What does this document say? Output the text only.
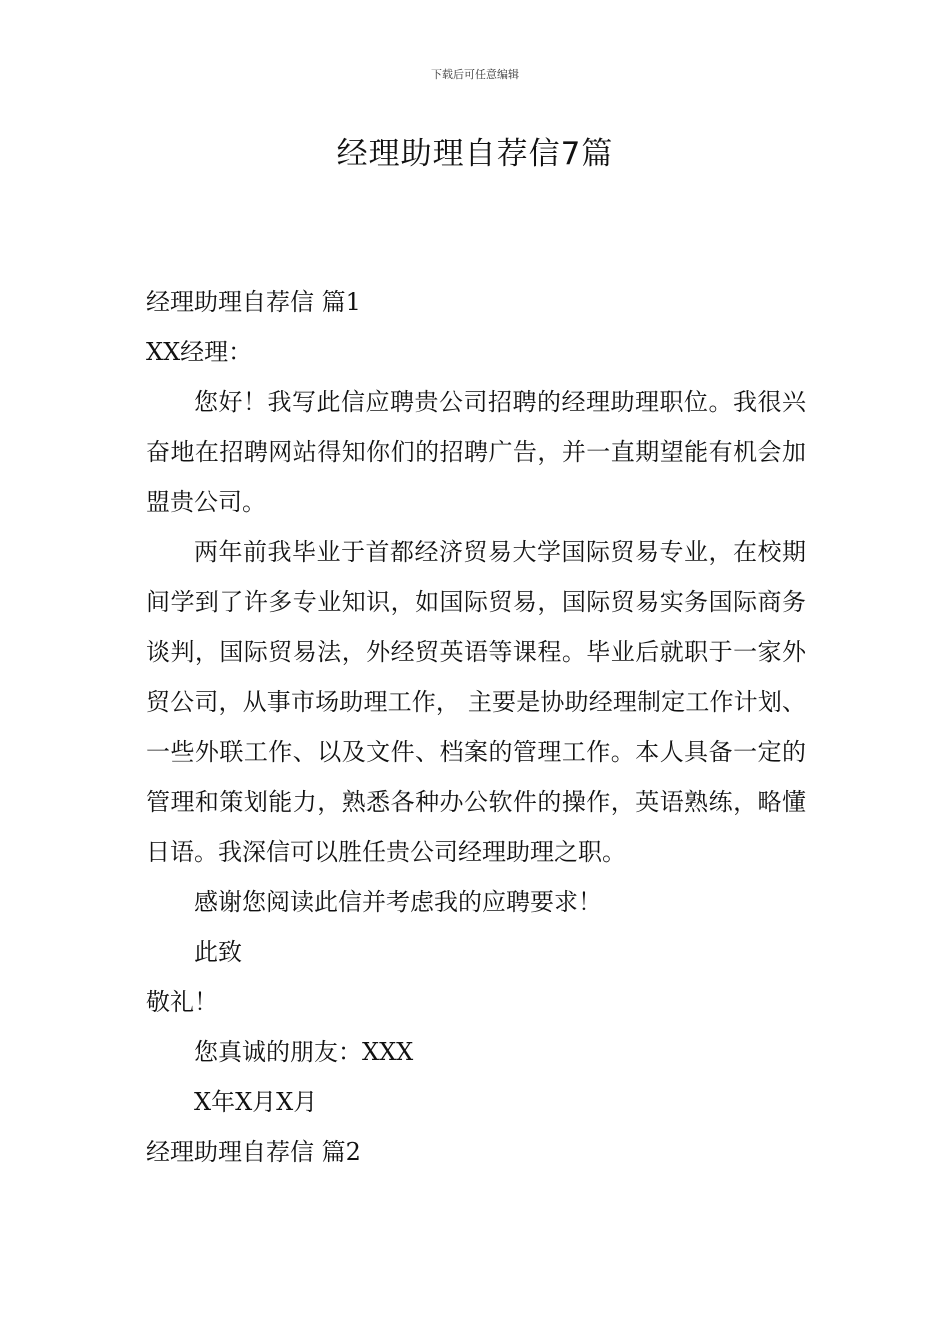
下载后可任意编辑
经理助理自荐信7篇

经理助理自荐信 篇1

XX经理：

您好！我写此信应聘贵公司招聘的经理助理职位。我很兴奋地在招聘网站得知你们的招聘广告，并一直期望能有机会加盟贵公司。

两年前我毕业于首都经济贸易大学国际贸易专业，在校期间学到了许多专业知识，如国际贸易，国际贸易实务国际商务谈判，国际贸易法，外经贸英语等课程。毕业后就职于一家外贸公司，从事市场助理工作， 主要是协助经理制定工作计划、一些外联工作、以及文件、档案的管理工作。本人具备一定的管理和策划能力，熟悉各种办公软件的操作，英语熟练，略懂日语。我深信可以胜任贵公司经理助理之职。

感谢您阅读此信并考虑我的应聘要求！

此致

敬礼！

您真诚的朋友：XXX

X年X月X月

经理助理自荐信 篇2
